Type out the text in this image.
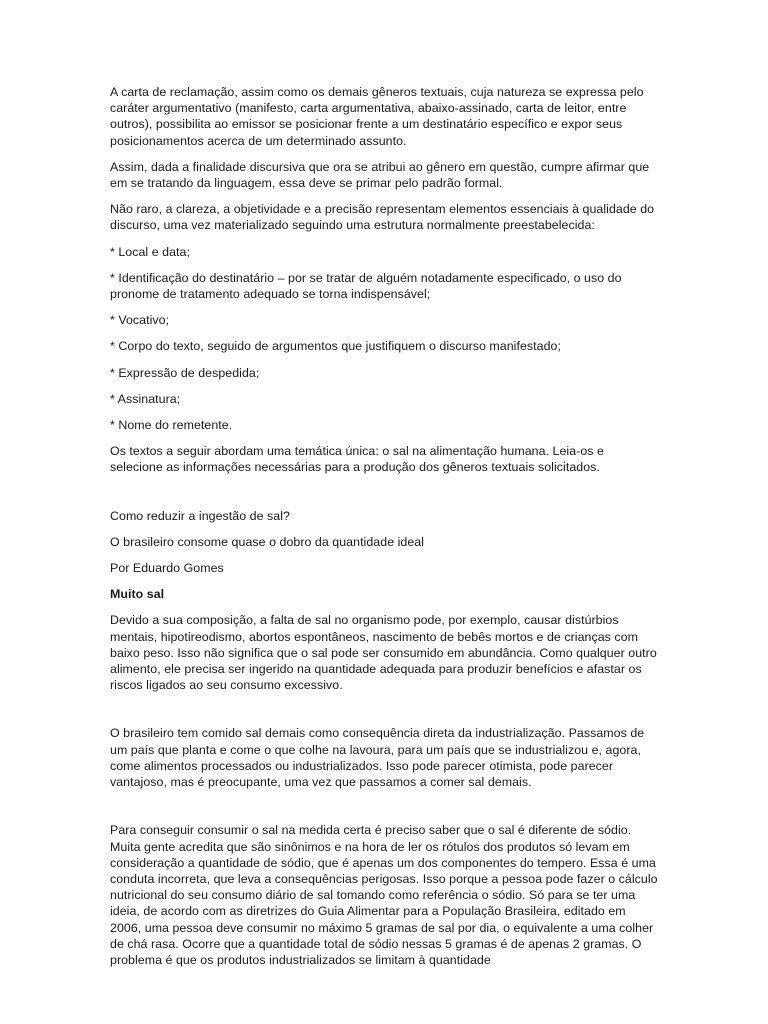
A carta de reclamação, assim como os demais gêneros textuais, cuja natureza se expressa pelo caráter argumentativo (manifesto, carta argumentativa, abaixo-assinado, carta de leitor, entre outros), possibilita ao emissor se posicionar frente a um destinatário específico e expor seus posicionamentos acerca de um determinado assunto.

Assim, dada a finalidade discursiva que ora se atribui ao gênero em questão, cumpre afirmar que em se tratando da linguagem, essa deve se primar pelo padrão formal.

Não raro, a clareza, a objetividade e a precisão representam elementos essenciais à qualidade do discurso, uma vez materializado seguindo uma estrutura normalmente preestabelecida:

* Local e data;

* Identificação do destinatário – por se tratar de alguém notadamente especificado, o uso do pronome de tratamento adequado se torna indispensável;

* Vocativo;

* Corpo do texto, seguido de argumentos que justifiquem o discurso manifestado;

* Expressão de despedida;

* Assinatura;

* Nome do remetente.

Os textos a seguir abordam uma temática única: o sal na alimentação humana. Leia-os e selecione as informações necessárias para a produção dos gêneros textuais solicitados.

Como reduzir a ingestão de sal?

O brasileiro consome quase o dobro da quantidade ideal

Por Eduardo Gomes

Muito sal

Devido a sua composição, a falta de sal no organismo pode, por exemplo, causar distúrbios mentais, hipotireodismo, abortos espontâneos, nascimento de bebês mortos e de crianças com baixo peso. Isso não significa que o sal pode ser consumido em abundância. Como qualquer outro alimento, ele precisa ser ingerido na quantidade adequada para produzir benefícios e afastar os riscos ligados ao seu consumo excessivo.

O brasileiro tem comido sal demais como consequência direta da industrialização. Passamos de um país que planta e come o que colhe na lavoura, para um país que se industrializou e, agora, come alimentos processados ou industrializados. Isso pode parecer otimista, pode parecer vantajoso, mas é preocupante, uma vez que passamos a comer sal demais.

Para conseguir consumir o sal na medida certa é preciso saber que o sal é diferente de sódio. Muita gente acredita que são sinônimos e na hora de ler os rótulos dos produtos só levam em consideração a quantidade de sódio, que é apenas um dos componentes do tempero. Essa é uma conduta incorreta, que leva a consequências perigosas. Isso porque a pessoa pode fazer o cálculo nutricional do seu consumo diário de sal tomando como referência o sódio. Só para se ter uma ideia, de acordo com as diretrizes do Guia Alimentar para a População Brasileira, editado em 2006, uma pessoa deve consumir no máximo 5 gramas de sal por dia, o equivalente a uma colher de chá rasa. Ocorre que a quantidade total de sódio nessas 5 gramas é de apenas 2 gramas. O problema é que os produtos industrializados se limitam à quantidade
